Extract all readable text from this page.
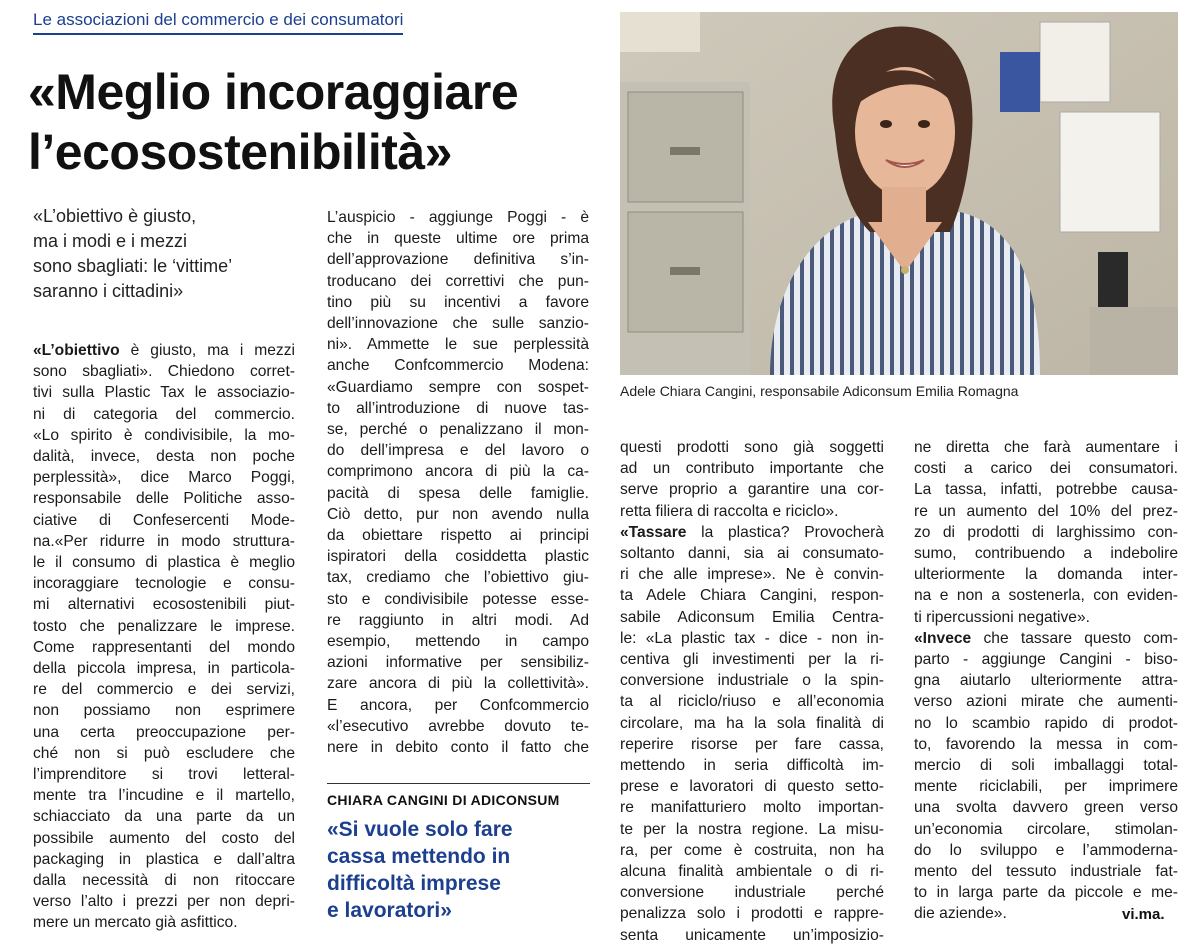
Le associazioni del commercio e dei consumatori
«Meglio incoraggiare
l’ecosostenibilità»
«L’obiettivo è giusto,
ma i modi e i mezzi
sono sbagliati: le ‘vittime’
saranno i cittadini»
«L’obiettivo è giusto, ma i mezzi
sono sbagliati». Chiedono corret-
tivi sulla Plastic Tax le associazio-
ni di categoria del commercio.
«Lo spirito è condivisibile, la mo-
dalità, invece, desta non poche
perplessità», dice Marco Poggi,
responsabile delle Politiche asso-
ciative di Confesercenti Mode-
na.«Per ridurre in modo struttura-
le il consumo di plastica è meglio
incoraggiare tecnologie e consu-
mi alternativi ecosostenibili piut-
tosto che penalizzare le imprese.
Come rappresentanti del mondo
della piccola impresa, in particola-
re del commercio e dei servizi,
non possiamo non esprimere
una certa preoccupazione per-
ché non si può escludere che
l’imprenditore si trovi letteral-
mente tra l’incudine e il martello,
schiacciato da una parte da un
possibile aumento del costo del
packaging in plastica e dall’altra
dalla necessità di non ritoccare
verso l’alto i prezzi per non depri-
mere un mercato già asfittico.
L’auspicio - aggiunge Poggi - è
che in queste ultime ore prima
dell’approvazione definitiva s’in-
troducano dei correttivi che pun-
tino più su incentivi a favore
dell’innovazione che sulle sanzio-
ni». Ammette le sue perplessità
anche Confcommercio Modena:
«Guardiamo sempre con sospet-
to all’introduzione di nuove tas-
se, perché o penalizzano il mon-
do dell’impresa e del lavoro o
comprimono ancora di più la ca-
pacità di spesa delle famiglie.
Ciò detto, pur non avendo nulla
da obiettare rispetto ai principi
ispiratori della cosiddetta plastic
tax, crediamo che l’obiettivo giu-
sto e condivisibile potesse esse-
re raggiunto in altri modi. Ad
esempio, mettendo in campo
azioni informative per sensibiliz-
zare ancora di più la collettività».
E ancora, per Confcommercio
«l’esecutivo avrebbe dovuto te-
nere in debito conto il fatto che
Adele Chiara Cangini, responsabile Adiconsum Emilia Romagna
questi prodotti sono già soggetti
ad un contributo importante che
serve proprio a garantire una cor-
retta filiera di raccolta e riciclo».
«Tassare la plastica? Provocherà
soltanto danni, sia ai consumato-
ri che alle imprese». Ne è convin-
ta Adele Chiara Cangini, respon-
sabile Adiconsum Emilia Centra-
le: «La plastic tax - dice - non in-
centiva gli investimenti per la ri-
conversione industriale o la spin-
ta al riciclo/riuso e all’economia
circolare, ma ha la sola finalità di
reperire risorse per fare cassa,
mettendo in seria difficoltà im-
prese e lavoratori di questo setto-
re manifatturiero molto importan-
te per la nostra regione. La misu-
ra, per come è costruita, non ha
alcuna finalità ambientale o di ri-
conversione industriale perché
penalizza solo i prodotti e rappre-
senta unicamente un’imposizio-
ne diretta che farà aumentare i
costi a carico dei consumatori.
La tassa, infatti, potrebbe causa-
re un aumento del 10% del prez-
zo di prodotti di larghissimo con-
sumo, contribuendo a indebolire
ulteriormente la domanda inter-
na e non a sostenerla, con eviden-
ti ripercussioni negative».
«Invece che tassare questo com-
parto - aggiunge Cangini - biso-
gna aiutarlo ulteriormente attra-
verso azioni mirate che aumenti-
no lo scambio rapido di prodot-
to, favorendo la messa in com-
mercio di soli imballaggi total-
mente riciclabili, per imprimere
una svolta davvero green verso
un’economia circolare, stimolan-
do lo sviluppo e l’ammoderna-
mento del tessuto industriale fat-
to in larga parte da piccole e me-
die aziende».
CHIARA CANGINI DI ADICONSUM
«Si vuole solo fare
cassa mettendo in
difficoltà imprese
e lavoratori»	vi.ma.
